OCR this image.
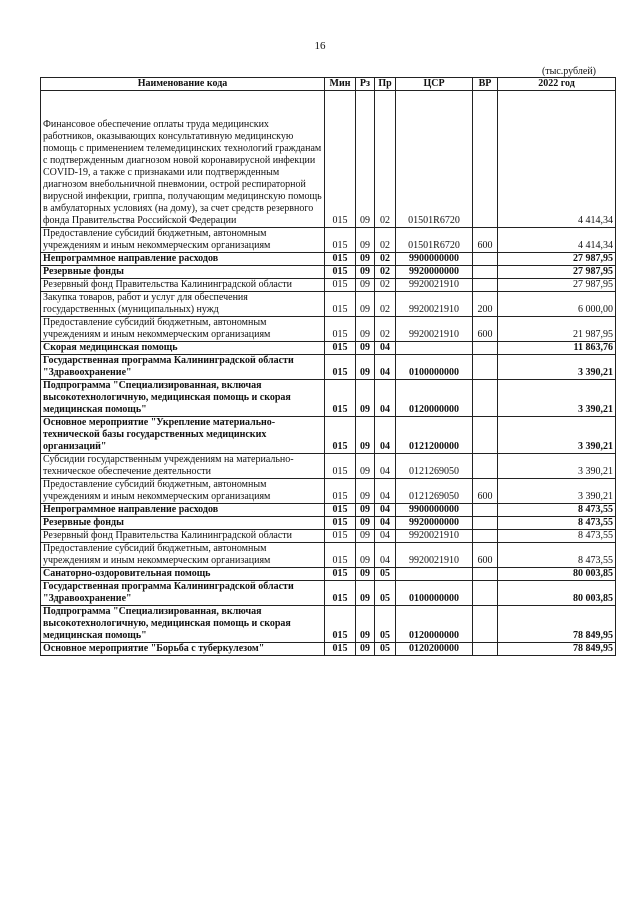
16
(тыс.рублей)
Наименование кода	Мин	Рз	Пр	ЦСР	ВР	2022 год
Финансовое обеспечение оплаты труда медицинских работников, оказывающих консультативную медицинскую помощь с применением телемедицинских технологий гражданам с подтвержденным диагнозом новой коронавирусной инфекции COVID-19, а также с признаками или подтвержденным диагнозом внебольничной пневмонии, острой респираторной вирусной инфекции, гриппа, получающим медицинскую помощь в амбулаторных условиях (на дому), за счет средств резервного фонда Правительства Российской Федерации	015	09	02	01501R6720		4 414,34
Предоставление субсидий бюджетным, автономным учреждениям и иным некоммерческим организациям	015	09	02	01501R6720	600	4 414,34
Непрограммное направление расходов	015	09	02	9900000000		27 987,95
Резервные фонды	015	09	02	9920000000		27 987,95
Резервный фонд Правительства Калининградской области	015	09	02	9920021910		27 987,95
Закупка товаров, работ и услуг для обеспечения государственных (муниципальных) нужд	015	09	02	9920021910	200	6 000,00
Предоставление субсидий бюджетным, автономным учреждениям и иным некоммерческим организациям	015	09	02	9920021910	600	21 987,95
Скорая медицинская помощь	015	09	04			11 863,76
Государственная программа Калининградской области "Здравоохранение"	015	09	04	0100000000		3 390,21
Подпрограмма "Специализированная, включая высокотехнологичную, медицинская помощь и скорая медицинская помощь"	015	09	04	0120000000		3 390,21
Основное мероприятие "Укрепление материально-технической базы государственных медицинских организаций"	015	09	04	0121200000		3 390,21
Субсидии государственным учреждениям на материально-техническое обеспечение деятельности	015	09	04	0121269050		3 390,21
Предоставление субсидий бюджетным, автономным учреждениям и иным некоммерческим организациям	015	09	04	0121269050	600	3 390,21
Непрограммное направление расходов	015	09	04	9900000000		8 473,55
Резервные фонды	015	09	04	9920000000		8 473,55
Резервный фонд Правительства Калининградской области	015	09	04	9920021910		8 473,55
Предоставление субсидий бюджетным, автономным учреждениям и иным некоммерческим организациям	015	09	04	9920021910	600	8 473,55
Санаторно-оздоровительная помощь	015	09	05			80 003,85
Государственная программа Калининградской области "Здравоохранение"	015	09	05	0100000000		80 003,85
Подпрограмма "Специализированная, включая высокотехнологичную, медицинская помощь и скорая медицинская помощь"	015	09	05	0120000000		78 849,95
Основное мероприятие "Борьба с туберкулезом"	015	09	05	0120200000		78 849,95
